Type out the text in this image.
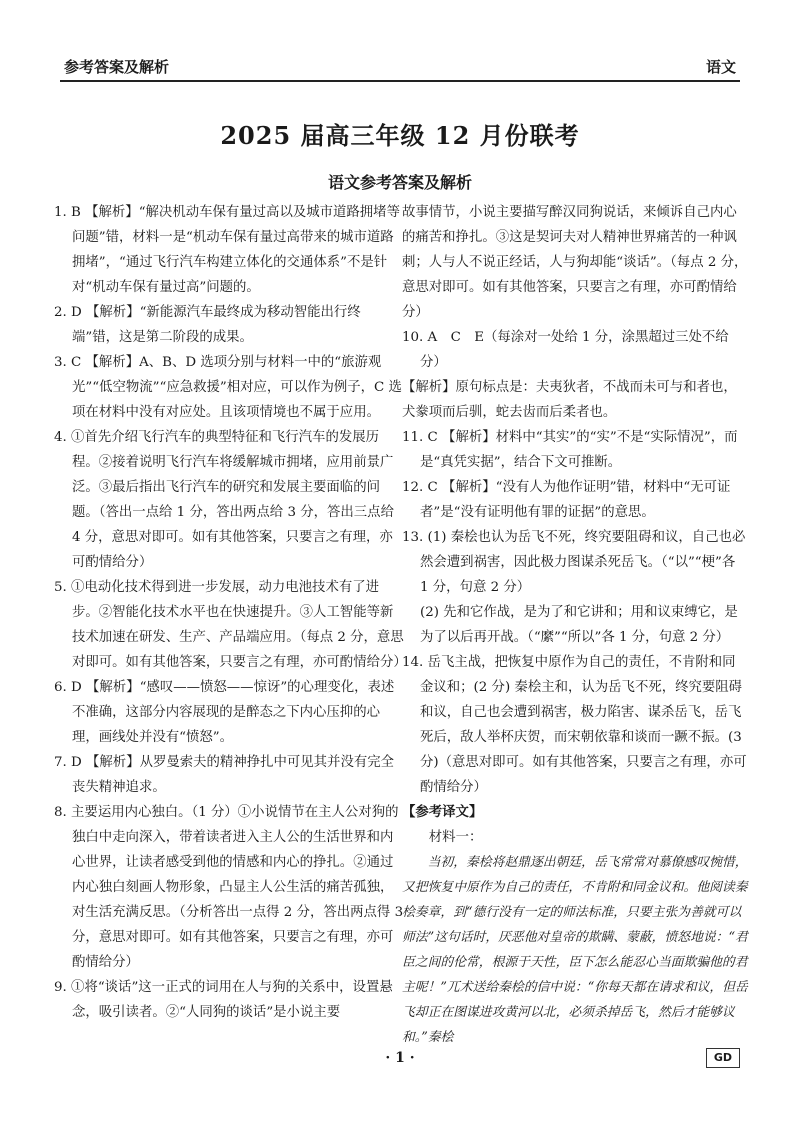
参考答案及解析	语文
2025 届高三年级 12 月份联考
语文参考答案及解析

1. B 【解析】“解决机动车保有量过高以及城市道路拥堵等问题”错，材料一是“机动车保有量过高带来的城市道路拥堵”，“通过飞行汽车构建立体化的交通体系”不是针对“机动车保有量过高”问题的。

2. D 【解析】“新能源汽车最终成为移动智能出行终端”错，这是第二阶段的成果。

3. C 【解析】A、B、D 选项分别与材料一中的“旅游观光”“低空物流”“应急救援”相对应，可以作为例子，C 选项在材料中没有对应处。且该项情境也不属于应用。

4. ①首先介绍飞行汽车的典型特征和飞行汽车的发展历程。②接着说明飞行汽车将缓解城市拥堵，应用前景广泛。③最后指出飞行汽车的研究和发展主要面临的问题。（答出一点给 1 分，答出两点给 3 分，答出三点给 4 分，意思对即可。如有其他答案，只要言之有理，亦可酌情给分）

5. ①电动化技术得到进一步发展，动力电池技术有了进步。②智能化技术水平也在快速提升。③人工智能等新技术加速在研发、生产、产品端应用。（每点 2 分，意思对即可。如有其他答案，只要言之有理，亦可酌情给分）

6. D 【解析】“感叹——愤怒——惊讶”的心理变化，表述不准确，这部分内容展现的是醉态之下内心压抑的心理，画线处并没有“愤怒”。

7. D 【解析】从罗曼索夫的精神挣扎中可见其并没有完全丧失精神追求。

8. 主要运用内心独白。（1 分）①小说情节在主人公对狗的独白中走向深入，带着读者进入主人公的生活世界和内心世界，让读者感受到他的情感和内心的挣扎。②通过内心独白刻画人物形象，凸显主人公生活的痛苦孤独，对生活充满反思。（分析答出一点得 2 分，答出两点得 3 分，意思对即可。如有其他答案，只要言之有理，亦可酌情给分）

9. ①将“谈话”这一正式的词用在人与狗的关系中，设置悬念，吸引读者。②“人同狗的谈话”是小说主要

故事情节，小说主要描写醉汉同狗说话，来倾诉自己内心的痛苦和挣扎。③这是契诃夫对人精神世界痛苦的一种讽刺；人与人不说正经话，人与狗却能“谈话”。（每点 2 分，意思对即可。如有其他答案，只要言之有理，亦可酌情给分）

10. A　C　E（每涂对一处给 1 分，涂黑超过三处不给分）

【解析】原句标点是：夫夷狄者，不战而未可与和者也，犬豢项而后驯，蛇去齿而后柔者也。

11. C 【解析】材料中“其实”的“实”不是“实际情况”，而是“真凭实据”，结合下文可推断。

12. C 【解析】“没有人为他作证明”错，材料中“无可证者”是“没有证明他有罪的证据”的意思。

13. (1) 秦桧也认为岳飞不死，终究要阻碍和议，自己也必然会遭到祸害，因此极力图谋杀死岳飞。（“以”“梗”各 1 分，句意 2 分）

(2) 先和它作战，是为了和它讲和；用和议束缚它，是为了以后再开战。（“縻”“所以”各 1 分，句意 2 分）

14. 岳飞主战，把恢复中原作为自己的责任，不肯附和同金议和；(2 分) 秦桧主和，认为岳飞不死，终究要阻碍和议，自己也会遭到祸害，极力陷害、谋杀岳飞，岳飞死后，敌人举杯庆贺，而宋朝依靠和谈而一蹶不振。(3 分)（意思对即可。如有其他答案，只要言之有理，亦可酌情给分）

【参考译文】

材料一：

当初，秦桧将赵鼎逐出朝廷，岳飞常常对慕僚感叹惋惜，又把恢复中原作为自己的责任，不肯附和同金议和。他阅读秦桧奏章，到“德行没有一定的师法标准，只要主张为善就可以师法”这句话时，厌恶他对皇帝的欺瞒、蒙蔽，愤怒地说：“君臣之间的伦常，根源于天性，臣下怎么能忍心当面欺骗他的君主呢！”兀术送给秦桧的信中说：“你每天都在请求和议，但岳飞却正在图谋进攻黄河以北，必须杀掉岳飞，然后才能够议和。”秦桧

· 1 ·	GD
